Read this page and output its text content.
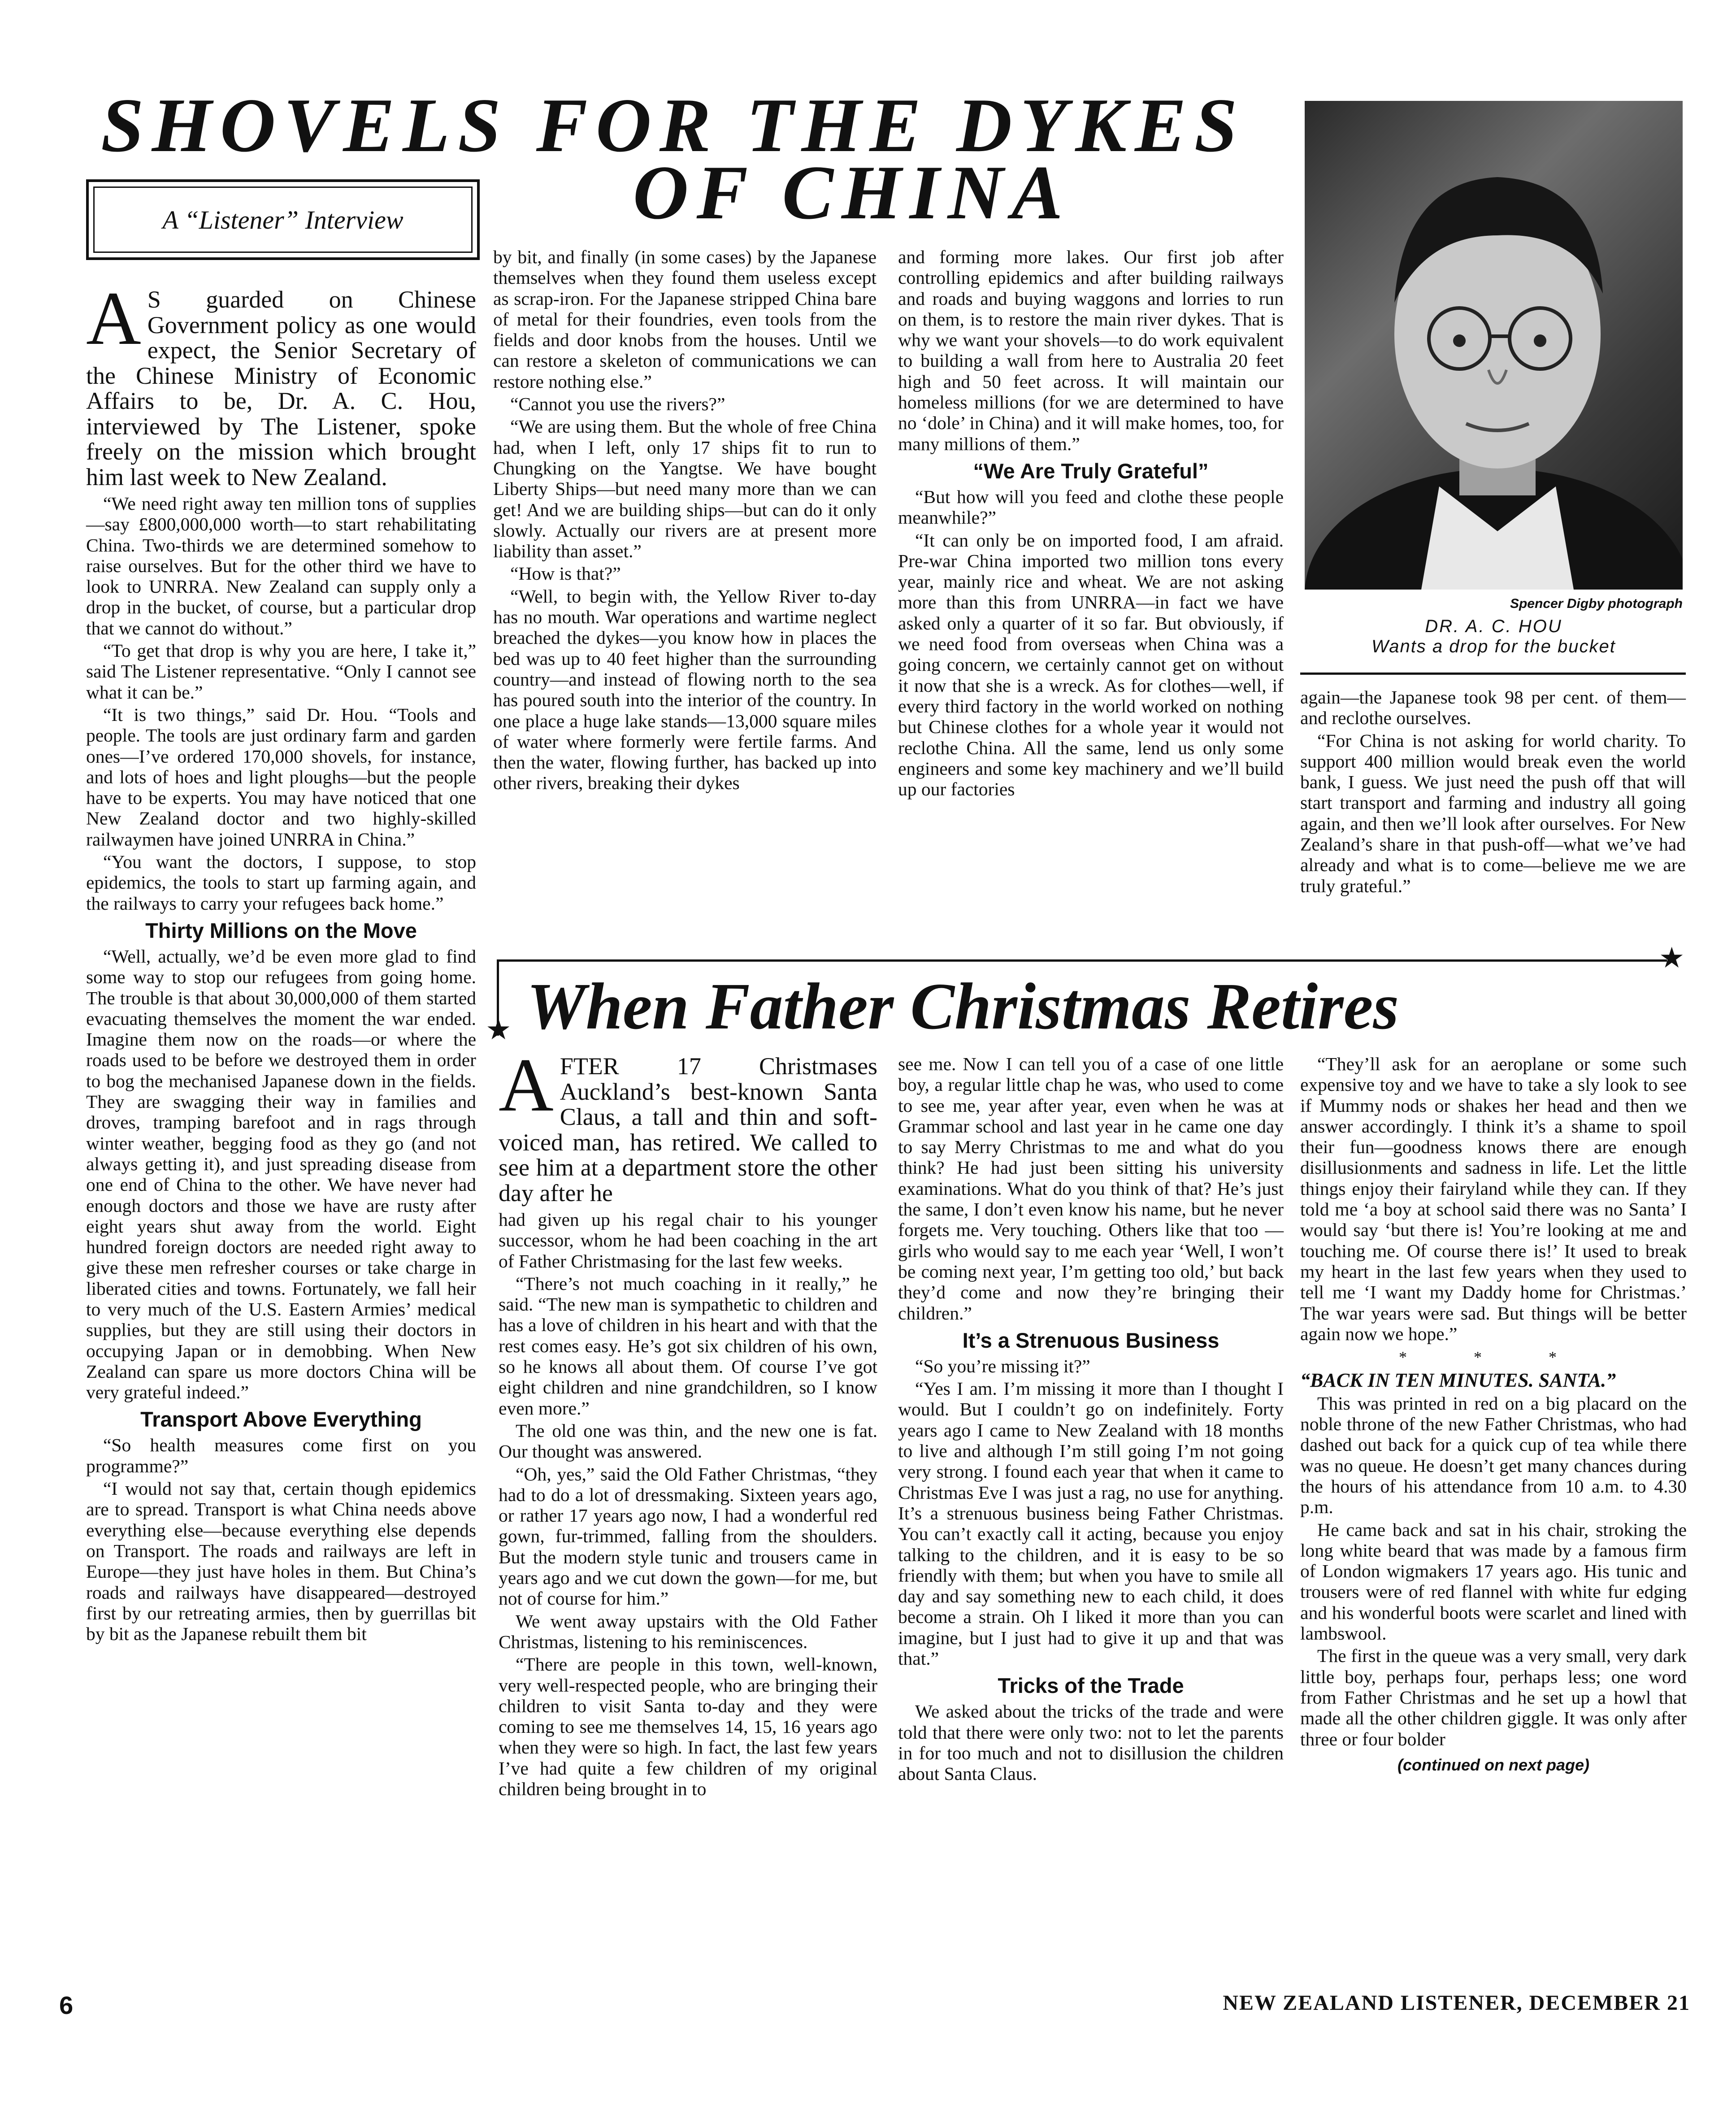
SHOVELS FOR THE DYKES
OF CHINA
A “Listener” Interview
A S guarded on Chinese Government policy as one would expect, the Senior Secretary of the Chinese Ministry of Economic Affairs to be, Dr. A. C. Hou, interviewed by The Listener, spoke freely on the mission which brought him last week to New Zealand.

“We need right away ten million tons of supplies—say £800,000,000 worth—to start rehabilitating China. Two-thirds we are determined somehow to raise ourselves. But for the other third we have to look to UNRRA. New Zealand can supply only a drop in the bucket, of course, but a particular drop that we cannot do without.”

“To get that drop is why you are here, I take it,” said The Listener representative. “Only I cannot see what it can be.”

“It is two things,” said Dr. Hou. “Tools and people. The tools are just ordinary farm and garden ones—I’ve ordered 170,000 shovels, for instance, and lots of hoes and light ploughs—but the people have to be experts. You may have noticed that one New Zealand doctor and two highly-skilled railwaymen have joined UNRRA in China.”

“You want the doctors, I suppose, to stop epidemics, the tools to start up farming again, and the railways to carry your refugees back home.”

Thirty Millions on the Move

“Well, actually, we’d be even more glad to find some way to stop our refugees from going home. The trouble is that about 30,000,000 of them started evacuating themselves the moment the war ended. Imagine them now on the roads—or where the roads used to be before we destroyed them in order to bog the mechanised Japanese down in the fields. They are swagging their way in families and droves, tramping barefoot and in rags through winter weather, begging food as they go (and not always getting it), and just spreading disease from one end of China to the other. We have never had enough doctors and those we have are rusty after eight years shut away from the world. Eight hundred foreign doctors are needed right away to give these men refresher courses or take charge in liberated cities and towns. Fortunately, we fall heir to very much of the U.S. Eastern Armies’ medical supplies, but they are still using their doctors in occupying Japan or in demobbing. When New Zealand can spare us more doctors China will be very grateful indeed.”

Transport Above Everything

“So health measures come first on you programme?”

“I would not say that, certain though epidemics are to spread. Transport is what China needs above everything else—because everything else depends on Transport. The roads and railways are left in Europe—they just have holes in them. But China’s roads and railways have disappeared—destroyed first by our retreating armies, then by guerrillas bit by bit as the Japanese rebuilt them bit

by bit, and finally (in some cases) by the Japanese themselves when they found them useless except as scrap-iron. For the Japanese stripped China bare of metal for their foundries, even tools from the fields and door knobs from the houses. Until we can restore a skeleton of communications we can restore nothing else.”

“Cannot you use the rivers?”

“We are using them. But the whole of free China had, when I left, only 17 ships fit to run to Chungking on the Yangtse. We have bought Liberty Ships—but need many more than we can get! And we are building ships—but can do it only slowly. Actually our rivers are at present more liability than asset.”

“How is that?”

“Well, to begin with, the Yellow River to-day has no mouth. War operations and wartime neglect breached the dykes—you know how in places the bed was up to 40 feet higher than the surrounding country—and instead of flowing north to the sea has poured south into the interior of the country. In one place a huge lake stands—13,000 square miles of water where formerly were fertile farms. And then the water, flowing further, has backed up into other rivers, breaking their dykes

and forming more lakes. Our first job after controlling epidemics and after building railways and roads and buying waggons and lorries to run on them, is to restore the main river dykes. That is why we want your shovels—to do work equivalent to building a wall from here to Australia 20 feet high and 50 feet across. It will maintain our homeless millions (for we are determined to have no ‘dole’ in China) and it will make homes, too, for many millions of them.”

“We Are Truly Grateful”

“But how will you feed and clothe these people meanwhile?”

“It can only be on imported food, I am afraid. Pre-war China imported two million tons every year, mainly rice and wheat. We are not asking more than this from UNRRA—in fact we have asked only a quarter of it so far. But obviously, if we need food from overseas when China was a going concern, we certainly cannot get on without it now that she is a wreck. As for clothes—well, if every third factory in the world worked on nothing but Chinese clothes for a whole year it would not reclothe China. All the same, lend us only some engineers and some key machinery and we’ll build up our factories

Spencer Digby photograph
DR. A. C. HOU
Wants a drop for the bucket

again—the Japanese took 98 per cent. of them—and reclothe ourselves.

“For China is not asking for world charity. To support 400 million would break even the world bank, I guess. We just need the push off that will start transport and farming and industry all going again, and then we’ll look after ourselves. For New Zealand’s share in that push-off—what we’ve had already and what is to come—believe me we are truly grateful.”

★
★ When Father Christmas Retires
AFTER 17 Christmases Auckland’s best-known Santa Claus, a tall and thin and soft-voiced man, has retired. We called to see him at a department store the other day after he

had given up his regal chair to his younger successor, whom he had been coaching in the art of Father Christmasing for the last few weeks.

“There’s not much coaching in it really,” he said. “The new man is sympathetic to children and has a love of children in his heart and with that the rest comes easy. He’s got six children of his own, so he knows all about them. Of course I’ve got eight children and nine grandchildren, so I know even more.”

The old one was thin, and the new one is fat. Our thought was answered.

“Oh, yes,” said the Old Father Christmas, “they had to do a lot of dressmaking. Sixteen years ago, or rather 17 years ago now, I had a wonderful red gown, fur-trimmed, falling from the shoulders. But the modern style tunic and trousers came in years ago and we cut down the gown—for me, but not of course for him.”

We went away upstairs with the Old Father Christmas, listening to his reminiscences.

“There are people in this town, well-known, very well-respected people, who are bringing their children to visit Santa to-day and they were coming to see me themselves 14, 15, 16 years ago when they were so high. In fact, the last few years I’ve had quite a few children of my original children being brought in to

see me. Now I can tell you of a case of one little boy, a regular little chap he was, who used to come to see me, year after year, even when he was at Grammar school and last year in he came one day to say Merry Christmas to me and what do you think? He had just been sitting his university examinations. What do you think of that? He’s just the same, I don’t even know his name, but he never forgets me. Very touching. Others like that too — girls who would say to me each year ‘Well, I won’t be coming next year, I’m getting too old,’ but back they’d come and now they’re bringing their children.”

It’s a Strenuous Business

“So you’re missing it?”

“Yes I am. I’m missing it more than I thought I would. But I couldn’t go on indefinitely. Forty years ago I came to New Zealand with 18 months to live and although I’m still going I’m not going very strong. I found each year that when it came to Christmas Eve I was just a rag, no use for anything. It’s a strenuous business being Father Christmas. You can’t exactly call it acting, because you enjoy talking to the children, and it is easy to be so friendly with them; but when you have to smile all day and say something new to each child, it does become a strain. Oh I liked it more than you can imagine, but I just had to give it up and that was that.”

Tricks of the Trade

We asked about the tricks of the trade and were told that there were only two: not to let the parents in for too much and not to disillusion the children about Santa Claus.

“They’ll ask for an aeroplane or some such expensive toy and we have to take a sly look to see if Mummy nods or shakes her head and then we answer accordingly. I think it’s a shame to spoil their fun—goodness knows there are enough disillusionments and sadness in life. Let the little things enjoy their fairyland while they can. If they told me ‘a boy at school said there was no Santa’ I would say ‘but there is! You’re looking at me and touching me. Of course there is!’ It used to break my heart in the last few years when they used to tell me ‘I want my Daddy home for Christmas.’ The war years were sad. But things will be better again now we hope.”

* * *

“BACK IN TEN MINUTES. SANTA.”

This was printed in red on a big placard on the noble throne of the new Father Christmas, who had dashed out back for a quick cup of tea while there was no queue. He doesn’t get many chances during the hours of his attendance from 10 a.m. to 4.30 p.m.

He came back and sat in his chair, stroking the long white beard that was made by a famous firm of London wigmakers 17 years ago. His tunic and trousers were of red flannel with white fur edging and his wonderful boots were scarlet and lined with lambswool.

The first in the queue was a very small, very dark little boy, perhaps four, perhaps less; one word from Father Christmas and he set up a howl that made all the other children giggle. It was only after three or four bolder

(continued on next page)
6	NEW ZEALAND LISTENER, DECEMBER 21
